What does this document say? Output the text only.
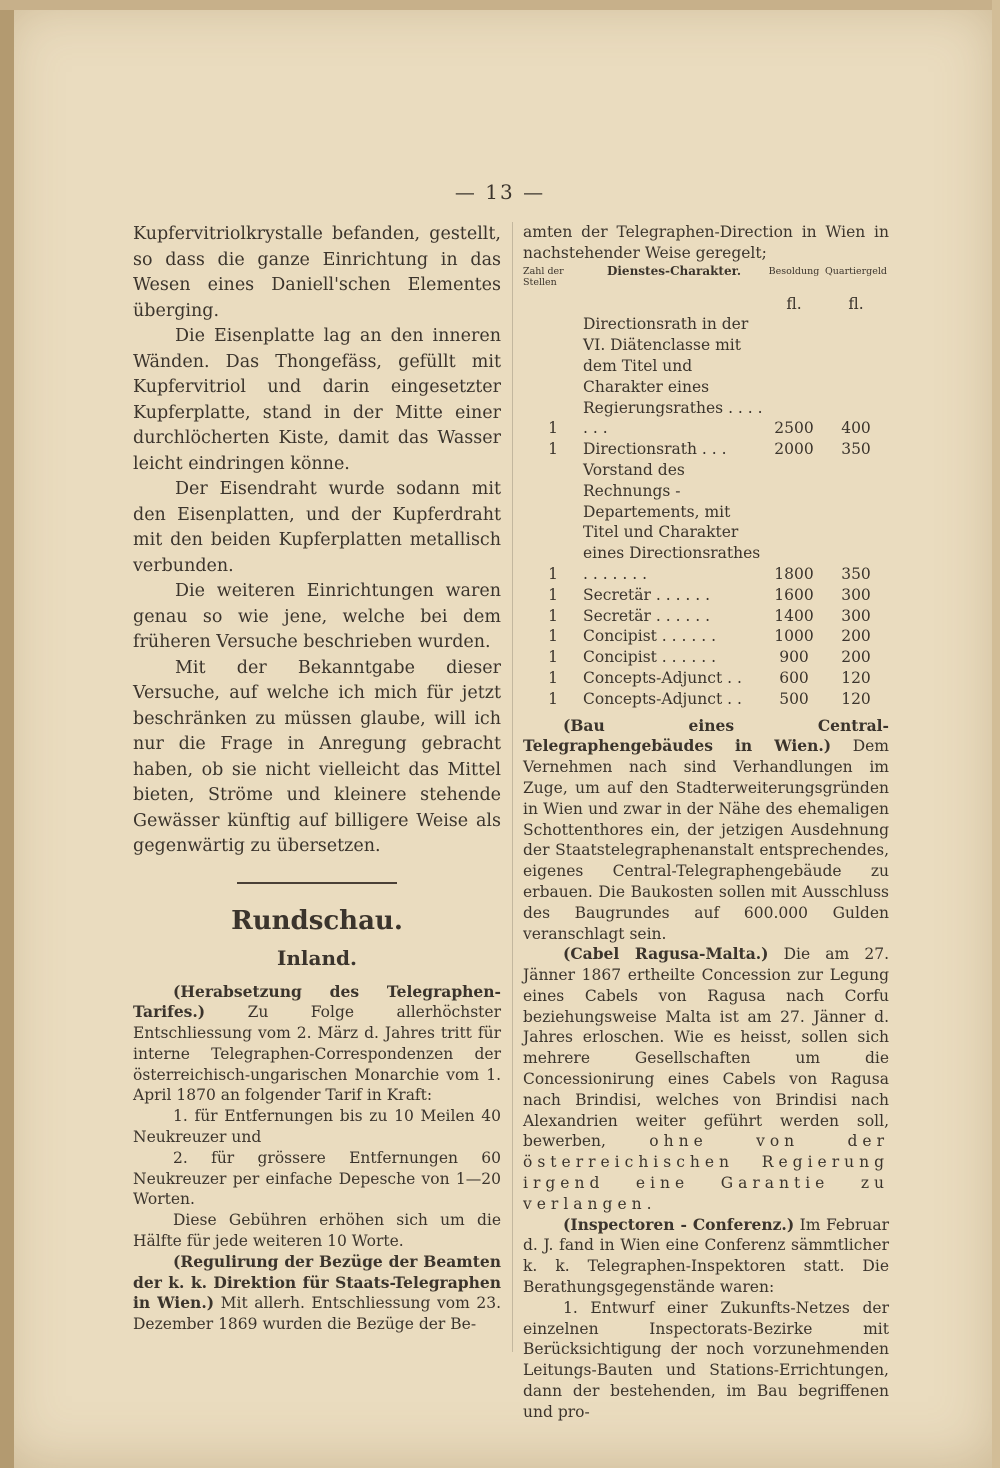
— 13 —

Kupfervitriolkrystalle befanden, gestellt, so dass die ganze Einrichtung in das Wesen eines Daniell'schen Elementes überging.

Die Eisenplatte lag an den inneren Wänden. Das Thongefäss, gefüllt mit Kupfervitriol und darin eingesetzter Kupferplatte, stand in der Mitte einer durchlöcherten Kiste, damit das Wasser leicht eindringen könne.

Der Eisendraht wurde sodann mit den Eisenplatten, und der Kupferdraht mit den beiden Kupferplatten metallisch verbunden.

Die weiteren Einrichtungen waren genau so wie jene, welche bei dem früheren Versuche beschrieben wurden.

Mit der Bekanntgabe dieser Versuche, auf welche ich mich für jetzt beschränken zu müssen glaube, will ich nur die Frage in Anregung gebracht haben, ob sie nicht vielleicht das Mittel bieten, Ströme und kleinere stehende Gewässer künftig auf billigere Weise als gegenwärtig zu übersetzen.

Rundschau.
Inland.

(Herabsetzung des Telegraphen-Tarifes.)	Zu Folge allerhöchster Entschliessung vom 2. März d. Jahres tritt für interne Telegraphen-Correspondenzen der österreichisch-ungarischen Monarchie vom 1. April 1870 an folgender Tarif in Kraft:

1. für Entfernungen bis zu 10 Meilen 40 Neukreuzer und

2. für grössere Entfernungen 60 Neukreuzer per einfache Depesche von 1—20 Worten.

Diese Gebühren erhöhen sich um die Hälfte für jede weiteren 10 Worte.

(Regulirung der Bezüge der Beamten der k. k. Direktion für Staats-Telegraphen in Wien.) Mit allerh. Entschliessung vom 23. Dezember 1869 wurden die Bezüge der Be-

amten der Telegraphen-Direction in Wien in nachstehender Weise geregelt;

Zahl der Stellen	Dienstes-Charakter.	Besoldung	Quartiergeld
		fl.	fl.
1	Directionsrath in der VI. Diätenclasse mit dem Titel und Charakter eines Regierungsrathes . . . . . . .	2500	400
1	Directionsrath . . .	2000	350
1	Vorstand des Rechnungs - Departements, mit Titel und Charakter eines Directionsrathes . . . . . . .	1800	350
1	Secretär . . . . . .	1600	300
1	Secretär . . . . . .	1400	300
1	Concipist . . . . . .	1000	200
1	Concipist . . . . . .	900	200
1	Concepts-Adjunct . .	600	120
1	Concepts-Adjunct . .	500	120

(Bau eines Central-Telegraphengebäudes in Wien.) Dem Vernehmen nach sind Verhandlungen im Zuge, um auf den Stadterweiterungsgründen in Wien und zwar in der Nähe des ehemaligen Schottenthores ein, der jetzigen Ausdehnung der Staatstelegraphenanstalt entsprechendes, eigenes Central-Telegraphengebäude zu erbauen. Die Baukosten sollen mit Ausschluss des Baugrundes auf 600.000 Gulden veranschlagt sein.

(Cabel Ragusa-Malta.) Die am 27. Jänner 1867 ertheilte Concession zur Legung eines Cabels von Ragusa nach Corfu beziehungsweise Malta ist am 27. Jänner d. Jahres erloschen. Wie es heisst, sollen sich mehrere Gesellschaften um die Concessionirung eines Cabels von Ragusa nach Brindisi, welches von Brindisi nach Alexandrien weiter geführt werden soll, bewerben,	ohne von der österreichischen Regierung irgend eine Garantie zu verlangen.

(Inspectoren - Conferenz.) Im Februar d. J. fand in Wien eine Conferenz sämmtlicher k. k. Telegraphen-Inspektoren statt. Die Berathungsgegenstände waren:

1. Entwurf einer Zukunfts-Netzes der einzelnen Inspectorats-Bezirke mit Berücksichtigung der noch vorzunehmenden Leitungs-Bauten und Stations-Errichtungen, dann der bestehenden, im Bau begriffenen und pro-
